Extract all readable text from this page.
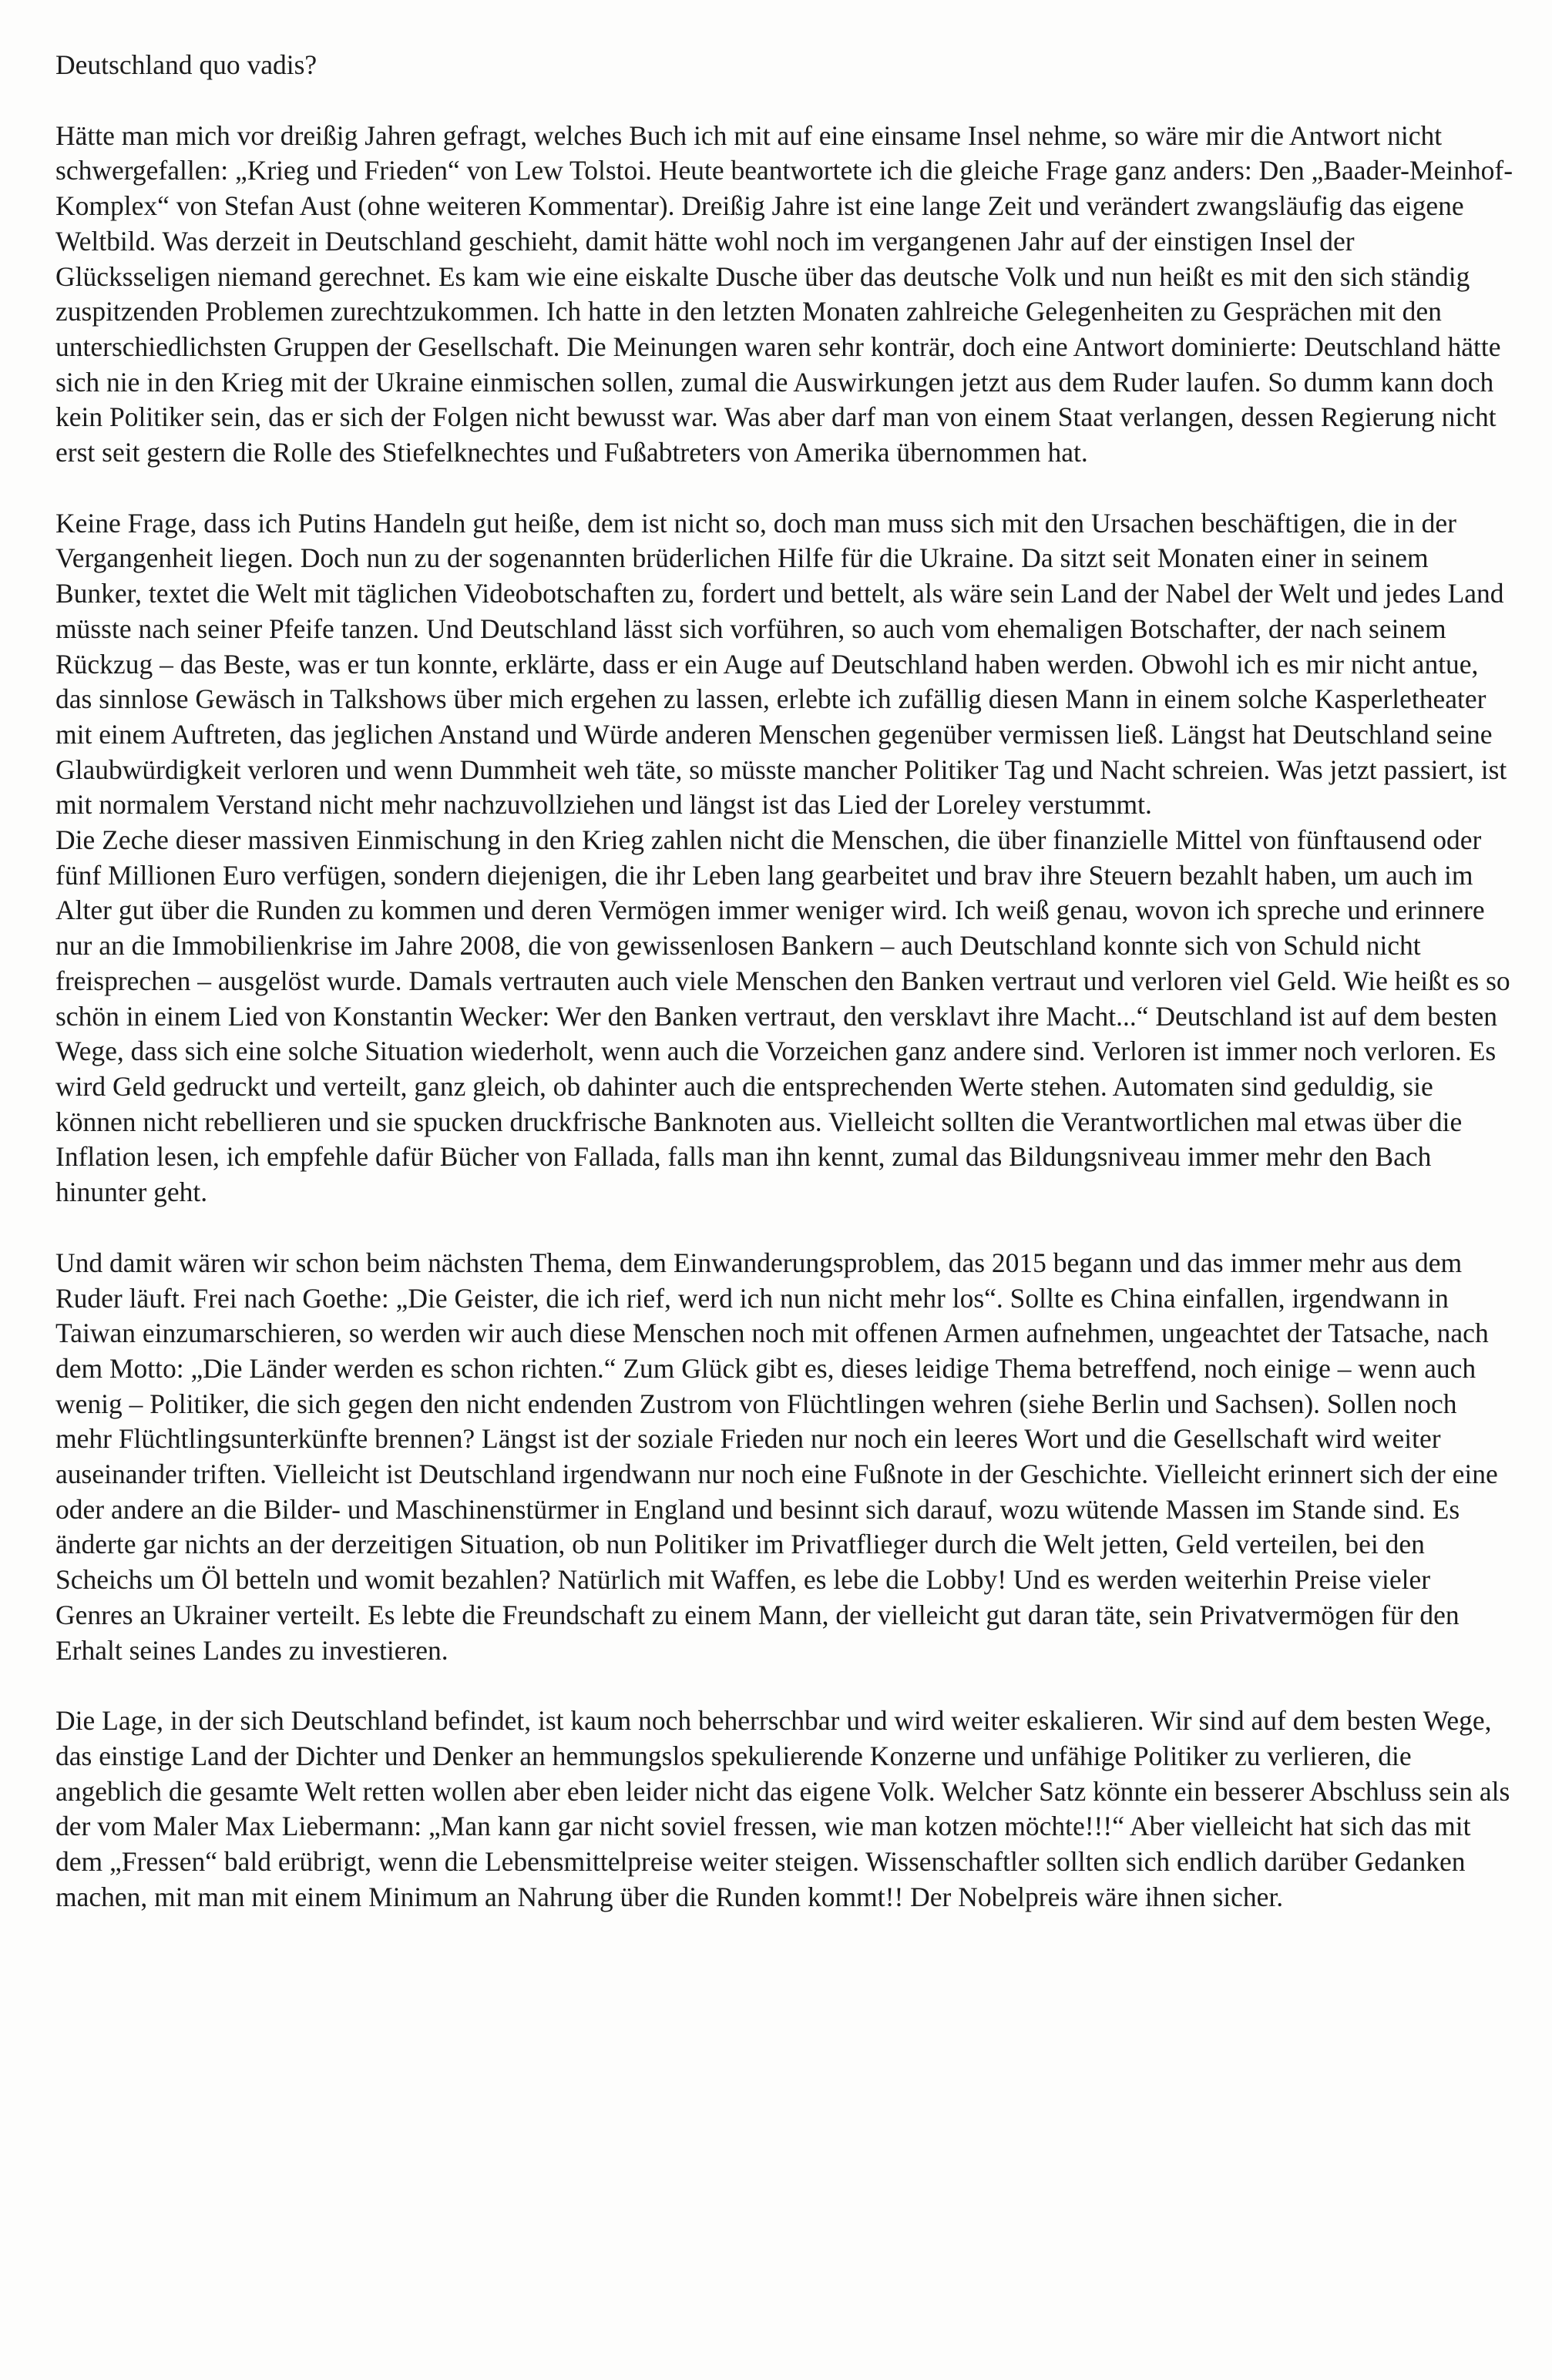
Deutschland quo vadis?

Hätte man mich vor dreißig Jahren gefragt, welches Buch ich mit auf eine einsame Insel nehme, so wäre mir die Antwort nicht schwergefallen: „Krieg und Frieden“ von Lew Tolstoi. Heute beantwortete ich die gleiche Frage ganz anders: Den „Baader-Meinhof-Komplex“ von Stefan Aust (ohne weiteren Kommentar). Dreißig Jahre ist eine lange Zeit und verändert zwangsläufig das eigene Weltbild. Was derzeit in Deutschland geschieht, damit hätte wohl noch im vergangenen Jahr auf der einstigen Insel der Glücksseligen niemand gerechnet. Es kam wie eine eiskalte Dusche über das deutsche Volk und nun heißt es mit den sich ständig zuspitzenden Problemen zurechtzukommen. Ich hatte in den letzten Monaten zahlreiche Gelegenheiten zu Gesprächen mit den unterschiedlichsten Gruppen der Gesellschaft. Die Meinungen waren sehr konträr, doch eine Antwort dominierte: Deutschland hätte sich nie in den Krieg mit der Ukraine einmischen sollen, zumal die Auswirkungen jetzt aus dem Ruder laufen. So dumm kann doch kein Politiker sein, das er sich der Folgen nicht bewusst war. Was aber darf man von einem Staat verlangen, dessen Regierung nicht erst seit gestern die Rolle des Stiefelknechtes und Fußabtreters von Amerika übernommen hat.

Keine Frage, dass ich Putins Handeln gut heiße, dem ist nicht so, doch man muss sich mit den Ursachen beschäftigen, die in der Vergangenheit liegen. Doch nun zu der sogenannten brüderlichen Hilfe für die Ukraine. Da sitzt seit Monaten einer in seinem Bunker, textet die Welt mit täglichen Videobotschaften zu, fordert und bettelt, als wäre sein Land der Nabel der Welt und jedes Land müsste nach seiner Pfeife tanzen. Und Deutschland lässt sich vorführen, so auch vom ehemaligen Botschafter, der nach seinem Rückzug – das Beste, was er tun konnte, erklärte, dass er ein Auge auf Deutschland haben werden. Obwohl ich es mir nicht antue, das sinnlose Gewäsch in Talkshows über mich ergehen zu lassen, erlebte ich zufällig diesen Mann in einem solche Kasperletheater mit einem Auftreten, das jeglichen Anstand und Würde anderen Menschen gegenüber vermissen ließ. Längst hat Deutschland seine Glaubwürdigkeit verloren und wenn Dummheit weh täte, so müsste mancher Politiker Tag und Nacht schreien. Was jetzt passiert, ist mit normalem Verstand nicht mehr nachzuvollziehen und längst ist das Lied der Loreley verstummt.

Die Zeche dieser massiven Einmischung in den Krieg zahlen nicht die Menschen, die über finanzielle Mittel von fünftausend oder fünf Millionen Euro verfügen, sondern diejenigen, die ihr Leben lang gearbeitet und brav ihre Steuern bezahlt haben, um auch im Alter gut über die Runden zu kommen und deren Vermögen immer weniger wird. Ich weiß genau, wovon ich spreche und erinnere nur an die Immobilienkrise im Jahre 2008, die von gewissenlosen Bankern – auch Deutschland konnte sich von Schuld nicht freisprechen – ausgelöst wurde. Damals vertrauten auch viele Menschen den Banken vertraut und verloren viel Geld. Wie heißt es so schön in einem Lied von Konstantin Wecker: Wer den Banken vertraut, den versklavt ihre Macht...“ Deutschland ist auf dem besten Wege, dass sich eine solche Situation wiederholt, wenn auch die Vorzeichen ganz andere sind. Verloren ist immer noch verloren. Es wird Geld gedruckt und verteilt, ganz gleich, ob dahinter auch die entsprechenden Werte stehen. Automaten sind geduldig, sie können nicht rebellieren und sie spucken druckfrische Banknoten aus. Vielleicht sollten die Verantwortlichen mal etwas über die Inflation lesen, ich empfehle dafür Bücher von Fallada, falls man ihn kennt, zumal das Bildungsniveau immer mehr den Bach hinunter geht.

Und damit wären wir schon beim nächsten Thema, dem Einwanderungsproblem, das 2015 begann und das immer mehr aus dem Ruder läuft. Frei nach Goethe: „Die Geister, die ich rief, werd ich nun nicht mehr los“. Sollte es China einfallen, irgendwann in Taiwan einzumarschieren, so werden wir auch diese Menschen noch mit offenen Armen aufnehmen, ungeachtet der Tatsache, nach dem Motto: „Die Länder werden es schon richten.“ Zum Glück gibt es, dieses leidige Thema betreffend, noch einige – wenn auch wenig – Politiker, die sich gegen den nicht endenden Zustrom von Flüchtlingen wehren (siehe Berlin und Sachsen). Sollen noch mehr Flüchtlingsunterkünfte brennen? Längst ist der soziale Frieden nur noch ein leeres Wort und die Gesellschaft wird weiter auseinander triften. Vielleicht ist Deutschland irgendwann nur noch eine Fußnote in der Geschichte. Vielleicht erinnert sich der eine oder andere an die Bilder- und Maschinenstürmer in England und besinnt sich darauf, wozu wütende Massen im Stande sind. Es änderte gar nichts an der derzeitigen Situation, ob nun Politiker im Privatflieger durch die Welt jetten, Geld verteilen, bei den Scheichs um Öl betteln und womit bezahlen? Natürlich mit Waffen, es lebe die Lobby! Und es werden weiterhin Preise vieler Genres an Ukrainer verteilt. Es lebte die Freundschaft zu einem Mann, der vielleicht gut daran täte, sein Privatvermögen für den Erhalt seines Landes zu investieren.

Die Lage, in der sich Deutschland befindet, ist kaum noch beherrschbar und wird weiter eskalieren. Wir sind auf dem besten Wege, das einstige Land der Dichter und Denker an hemmungslos spekulierende Konzerne und unfähige Politiker zu verlieren, die angeblich die gesamte Welt retten wollen aber eben leider nicht das eigene Volk. Welcher Satz könnte ein besserer Abschluss sein als der vom Maler Max Liebermann: „Man kann gar nicht soviel fressen, wie man kotzen möchte!!!“ Aber vielleicht hat sich das mit dem „Fressen“ bald erübrigt, wenn die Lebensmittelpreise weiter steigen. Wissenschaftler sollten sich endlich darüber Gedanken machen, mit man mit einem Minimum an Nahrung über die Runden kommt!! Der Nobelpreis wäre ihnen sicher.
